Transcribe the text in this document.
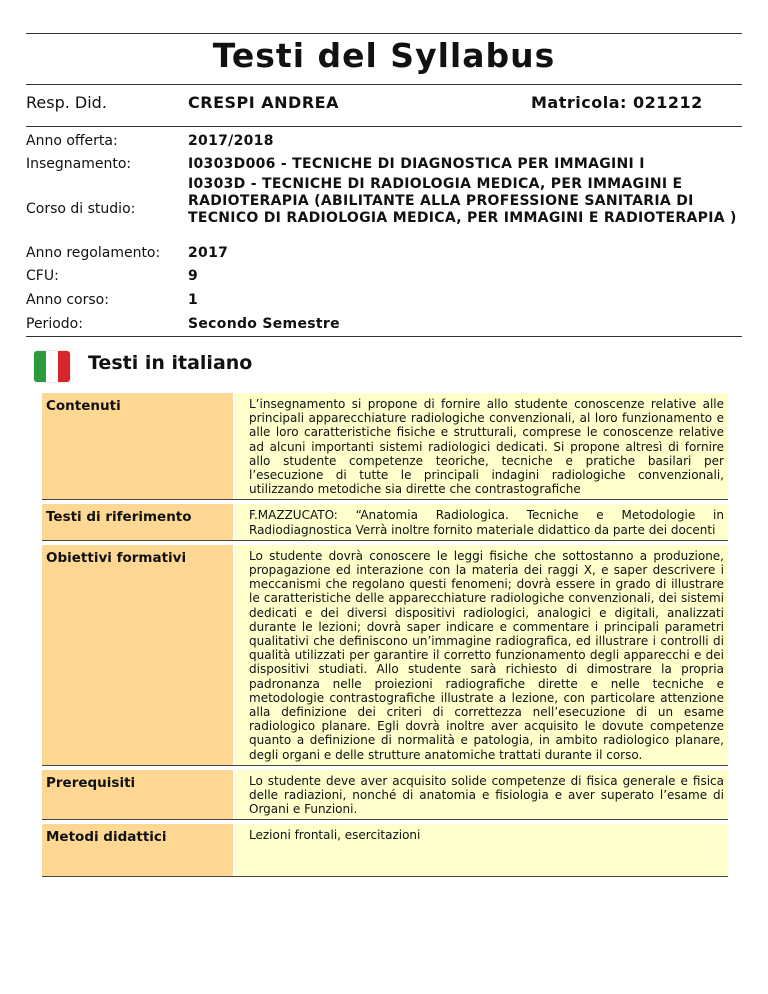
Testi del Syllabus
Resp. Did.	CRESPI ANDREA	Matricola: 021212
Anno offerta:	2017/2018
Insegnamento:	I0303D006 - TECNICHE DI DIAGNOSTICA PER IMMAGINI I
Corso di studio:
I0303D - TECNICHE DI RADIOLOGIA MEDICA, PER IMMAGINI E RADIOTERAPIA (ABILITANTE ALLA PROFESSIONE SANITARIA DI TECNICO DI RADIOLOGIA MEDICA, PER IMMAGINI E RADIOTERAPIA )
Anno regolamento: 2017
CFU:	9
Anno corso:	1
Periodo:	Secondo Semestre
Testi in italiano
Contenuti	L’insegnamento si propone di fornire allo studente conoscenze relative alle principali apparecchiature radiologiche convenzionali, al loro funzionamento e alle loro caratteristiche fisiche e strutturali, comprese le conoscenze relative ad alcuni importanti sistemi radiologici dedicati. Si propone altresì di fornire allo studente competenze teoriche, tecniche e pratiche basilari per l’esecuzione di tutte le principali indagini radiologiche convenzionali, utilizzando metodiche sia dirette che contrastografiche
Testi di riferimento	F.MAZZUCATO: “Anatomia Radiologica. Tecniche e Metodologie in Radiodiagnostica Verrà inoltre fornito materiale didattico da parte dei docenti
Obiettivi formativi	Lo studente dovrà conoscere le leggi fisiche che sottostanno a produzione, propagazione ed interazione con la materia dei raggi X, e saper descrivere i meccanismi che regolano questi fenomeni; dovrà essere in grado di illustrare le caratteristiche delle apparecchiature radiologiche convenzionali, dei sistemi dedicati e dei diversi dispositivi radiologici, analogici e digitali, analizzati durante le lezioni; dovrà saper indicare e commentare i principali parametri qualitativi che definiscono un’immagine radiografica, ed illustrare i controlli di qualità utilizzati per garantire il corretto funzionamento degli apparecchi e dei dispositivi studiati. Allo studente sarà richiesto di dimostrare la propria padronanza nelle proiezioni radiografiche dirette e nelle tecniche e metodologie contrastografiche illustrate a lezione, con particolare attenzione alla definizione dei criteri di correttezza nell’esecuzione di un esame radiologico planare. Egli dovrà inoltre aver acquisito le dovute competenze quanto a definizione di normalità e patologia, in ambito radiologico planare, degli organi e delle strutture anatomiche trattati durante il corso.
Prerequisiti	Lo studente deve aver acquisito solide competenze di fisica generale e fisica delle radiazioni, nonché di anatomia e fisiologia e aver superato l’esame di Organi e Funzioni.
Metodi didattici	Lezioni frontali, esercitazioni
